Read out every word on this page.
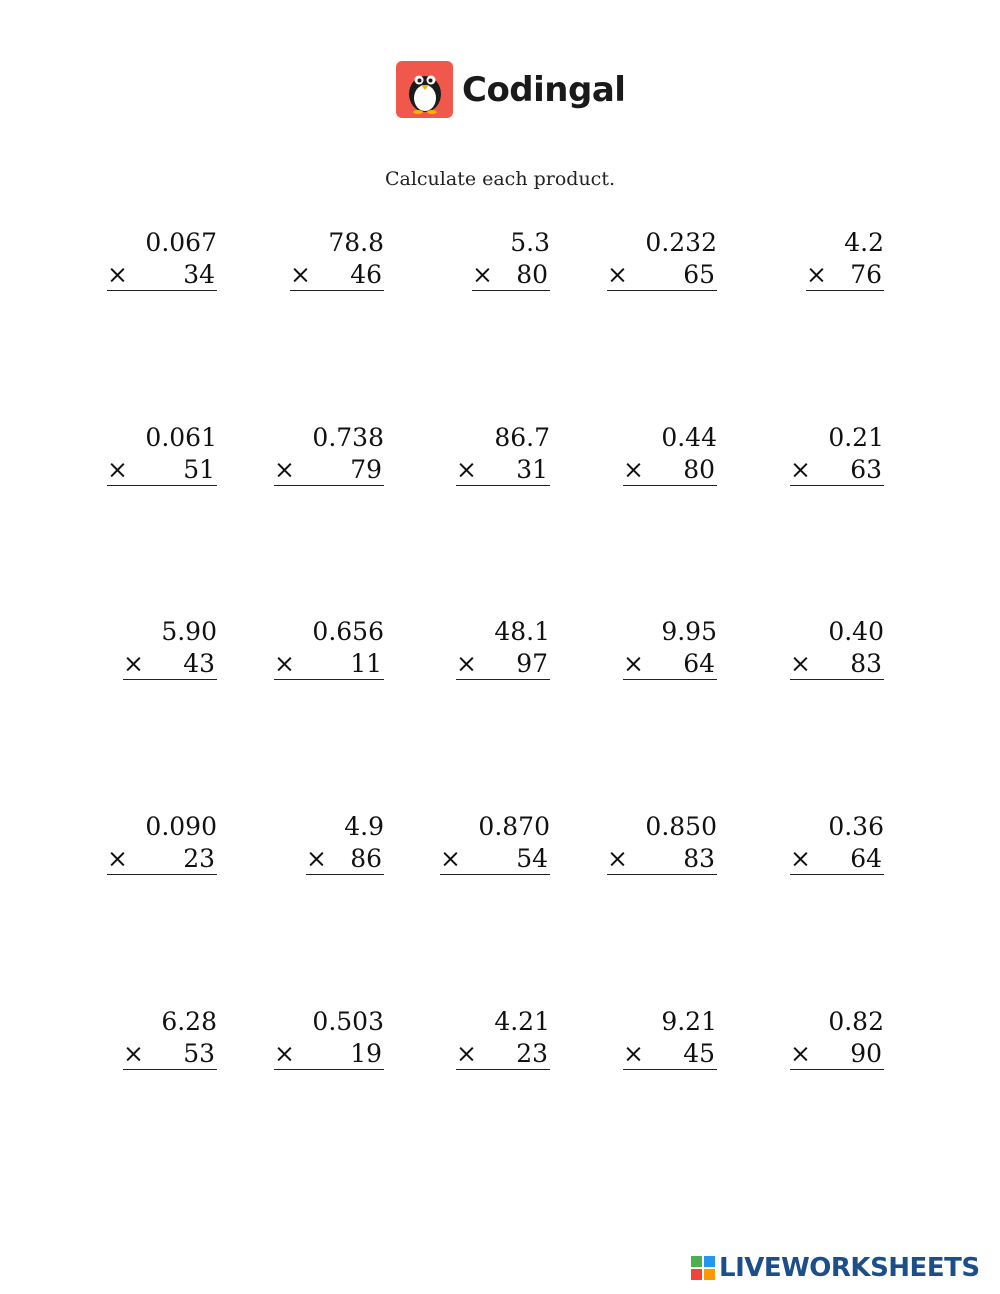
Codingal
Calculate each product.
0.067
× 34
78.8
× 46
5.3
× 80
0.232
× 65
4.2
× 76
0.061
× 51
0.738
× 79
86.7
× 31
0.44
× 80
0.21
× 63
5.90
× 43
0.656
× 11
48.1
× 97
9.95
× 64
0.40
× 83
0.090
× 23
4.9
× 86
0.870
× 54
0.850
× 83
0.36
× 64
6.28
× 53
0.503
× 19
4.21
× 23
9.21
× 45
0.82
× 90
LIVEWORKSHEETS
